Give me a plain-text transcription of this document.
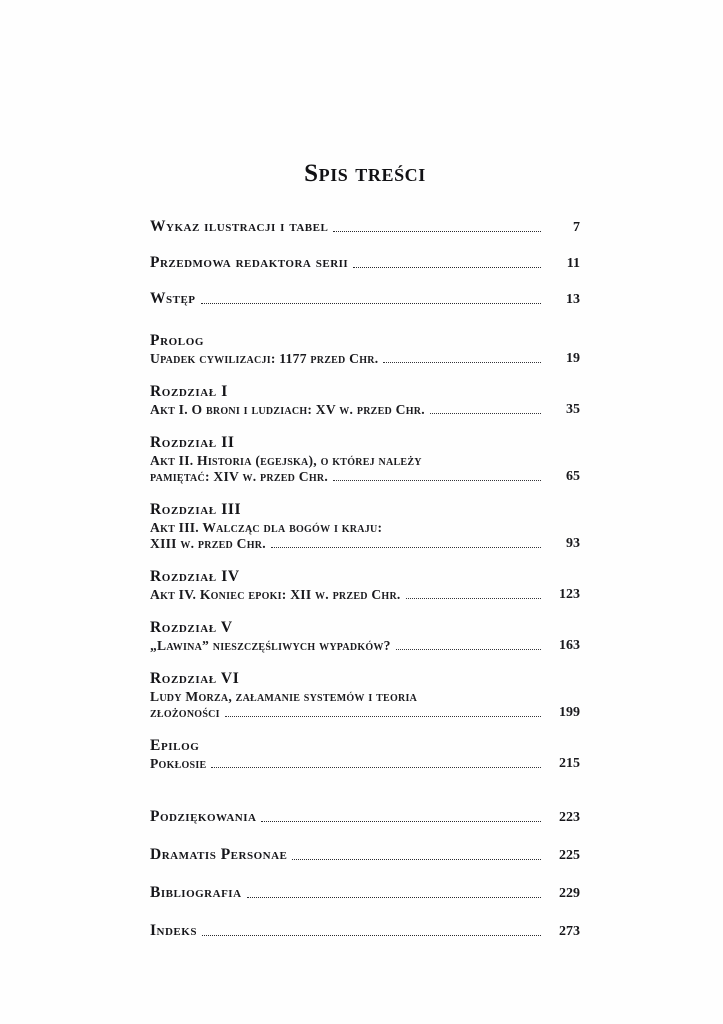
Spis treści
Wykaz ilustracji i tabel	7
Przedmowa redaktora serii	11
Wstęp	13
Prolog
Upadek cywilizacji: 1177 przed Chr.	19
Rozdział I
Akt I. O broni i ludziach: XV w. przed Chr.	35
Rozdział II
Akt II. Historia (egejska), o której należy
pamiętać: XIV w. przed Chr.	65
Rozdział III
Akt III. Walcząc dla bogów i kraju:
XIII w. przed Chr.	93
Rozdział IV
Akt IV. Koniec epoki: XII w. przed Chr.	123
Rozdział V
„Lawina” nieszczęśliwych wypadków?	163
Rozdział VI
Ludy Morza, załamanie systemów i teoria
złożoności	199
Epilog
Pokłosie	215
Podziękowania	223
Dramatis Personae	225
Bibliografia	229
Indeks	273
